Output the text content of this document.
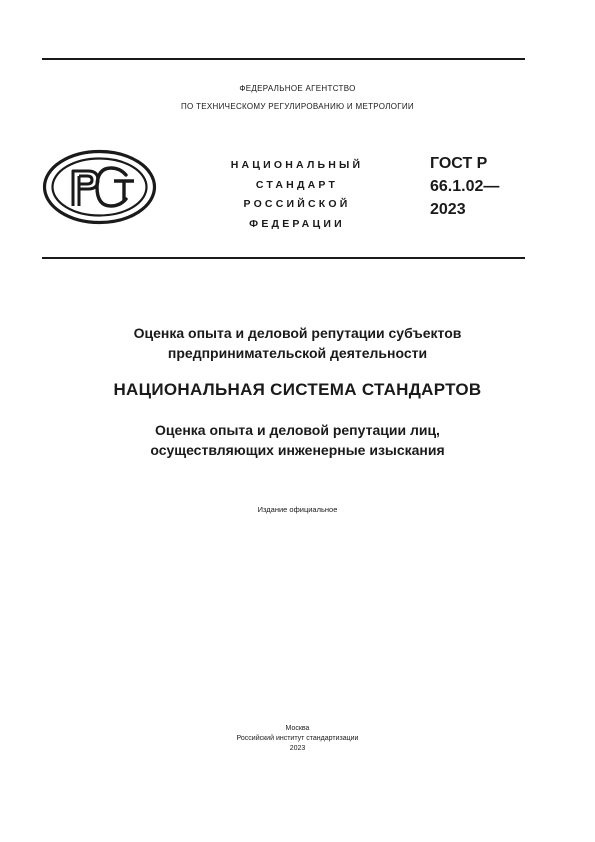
ФЕДЕРАЛЬНОЕ АГЕНТСТВО
ПО ТЕХНИЧЕСКОМУ РЕГУЛИРОВАНИЮ И МЕТРОЛОГИИ
НАЦИОНАЛЬНЫЙ
СТАНДАРТ
РОССИЙСКОЙ
ФЕДЕРАЦИИ
ГОСТ Р
66.1.02—
2023
Оценка опыта и деловой репутации субъектов
предпринимательской деятельности
НАЦИОНАЛЬНАЯ СИСТЕМА СТАНДАРТОВ
Оценка опыта и деловой репутации лиц,
осуществляющих инженерные изыскания
Издание официальное
Москва
Российский институт стандартизации
2023
